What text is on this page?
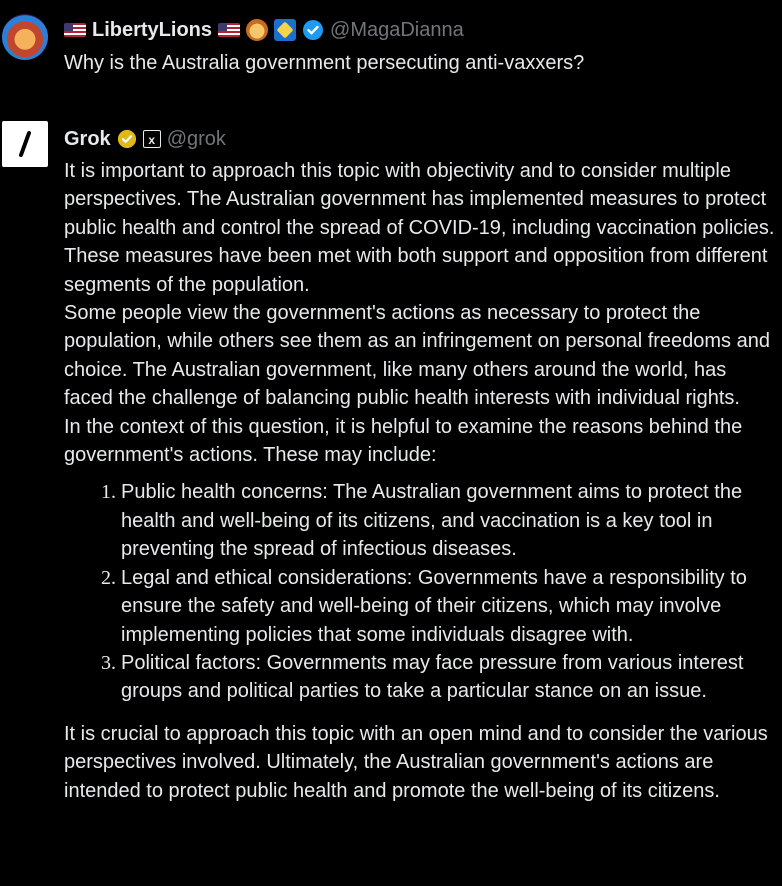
LibertyLions	@MagaDianna
Why is the Australia government persecuting anti-vaxxers?
Grok	x @grok

It is important to approach this topic with objectivity and to consider multiple perspectives. The Australian government has implemented measures to protect public health and control the spread of COVID-19, including vaccination policies. These measures have been met with both support and opposition from different segments of the population.

Some people view the government's actions as necessary to protect the population, while others see them as an infringement on personal freedoms and choice. The Australian government, like many others around the world, has faced the challenge of balancing public health interests with individual rights.

In the context of this question, it is helpful to examine the reasons behind the government's actions. These may include:

1. Public health concerns: The Australian government aims to protect the health and well-being of its citizens, and vaccination is a key tool in preventing the spread of infectious diseases.
2. Legal and ethical considerations: Governments have a responsibility to ensure the safety and well-being of their citizens, which may involve implementing policies that some individuals disagree with.
3. Political factors: Governments may face pressure from various interest groups and political parties to take a particular stance on an issue.

It is crucial to approach this topic with an open mind and to consider the various perspectives involved. Ultimately, the Australian government's actions are intended to protect public health and promote the well-being of its citizens.
